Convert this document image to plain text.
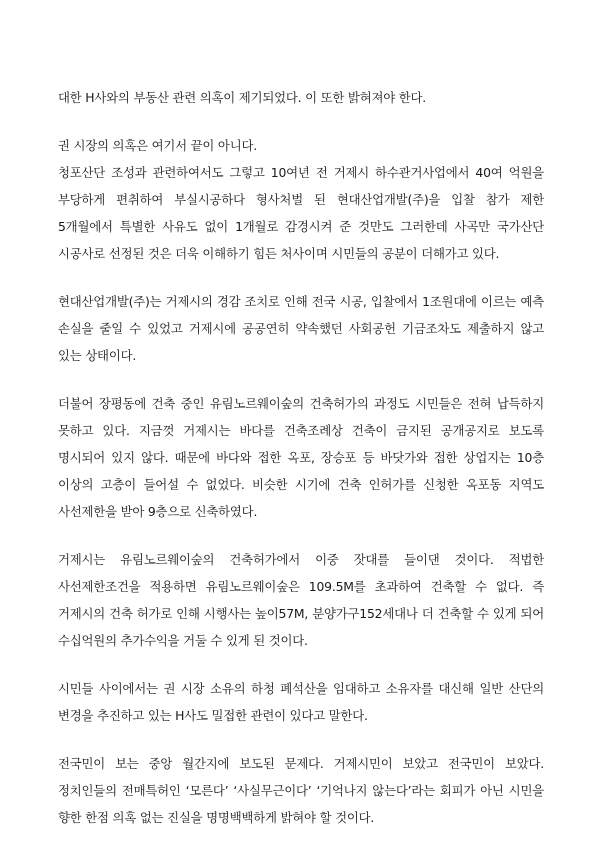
대한 H사와의 부동산 관련 의혹이 제기되었다. 이 또한 밝혀져야 한다.

권 시장의 의혹은 여기서 끝이 아니다.
청포산단 조성과 관련하여서도 그렇고 10여년 전 거제시 하수관거사업에서 40여 억원을 부당하게 편취하여 부실시공하다 형사처벌 된 현대산업개발(주)을 입찰 참가 제한 5개월에서 특별한 사유도 없이 1개월로 감경시켜 준 것만도 그러한데 사곡만 국가산단 시공사로 선정된 것은 더욱 이해하기 힘든 처사이며 시민들의 공분이 더해가고 있다.

현대산업개발(주)는 거제시의 경감 조치로 인해 전국 시공, 입찰에서 1조원대에 이르는 예측 손실을 줄일 수 있었고 거제시에 공공연히 약속했던 사회공헌 기금조차도 제출하지 않고 있는 상태이다.

더불어 장평동에 건축 중인 유림노르웨이숲의 건축허가의 과정도 시민들은 전혀 납득하지 못하고 있다. 지금껏 거제시는 바다를 건축조례상 건축이 금지된 공개공지로 보도록 명시되어 있지 않다. 때문에 바다와 접한 옥포, 장승포 등 바닷가와 접한 상업지는 10층 이상의 고층이 들어설 수 없었다. 비슷한 시기에 건축 인허가를 신청한 옥포동 지역도 사선제한을 받아 9층으로 신축하였다.

거제시는 유림노르웨이숲의 건축허가에서 이중 잣대를 들이댄 것이다. 적법한 사선제한조건을 적용하면 유림노르웨이숲은 109.5M를 초과하여 건축할 수 없다. 즉 거제시의 건축 허가로 인해 시행사는 높이57M, 분양가구152세대나 더 건축할 수 있게 되어 수십억원의 추가수익을 거둘 수 있게 된 것이다.

시민들 사이에서는 권 시장 소유의 하청 폐석산을 임대하고 소유자를 대신해 일반 산단의 변경을 추진하고 있는 H사도 밀접한 관련이 있다고 말한다.

전국민이 보는 중앙 월간지에 보도된 문제다. 거제시민이 보았고 전국민이 보았다. 정치인들의 전매특허인 ‘모른다’ ‘사실무근이다’ ‘기억나지 않는다’라는 회피가 아닌 시민을 향한 한점 의혹 없는 진실을 명명백백하게 밝혀야 할 것이다.
